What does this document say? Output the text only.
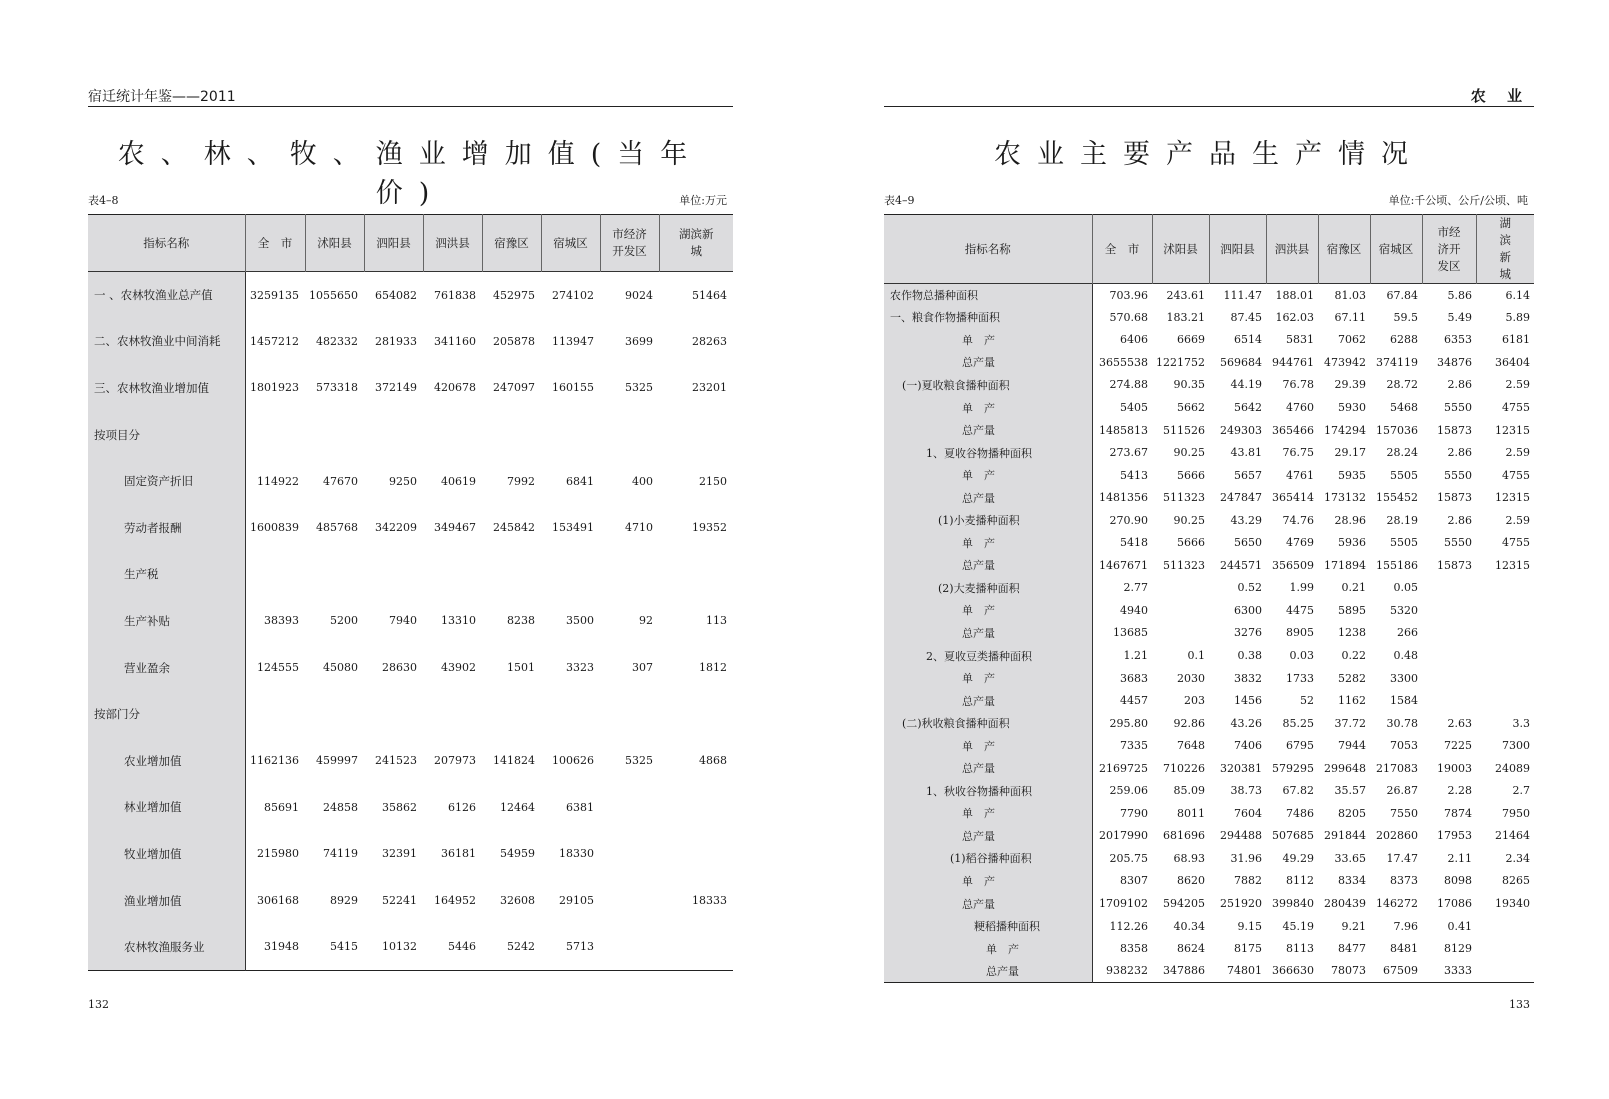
宿迁统计年鉴——2011
农、林、牧、渔业增加值(当年价)
表4–8	单位:万元
指标名称	全　市	沭阳县	泗阳县	泗洪县	宿豫区	宿城区	市经济开发区	湖滨新城
一 、农林牧渔业总产值	3259135	1055650	654082	761838	452975	274102	9024	51464
二、农林牧渔业中间消耗	1457212	482332	281933	341160	205878	113947	3699	28263
三、农林牧渔业增加值	1801923	573318	372149	420678	247097	160155	5325	23201
按项目分								
固定资产折旧	114922	47670	9250	40619	7992	6841	400	2150
劳动者报酬	1600839	485768	342209	349467	245842	153491	4710	19352
生产税								
生产补贴	38393	5200	7940	13310	8238	3500	92	113
营业盈余	124555	45080	28630	43902	1501	3323	307	1812
按部门分								
农业增加值	1162136	459997	241523	207973	141824	100626	5325	4868
林业增加值	85691	24858	35862	6126	12464	6381		
牧业增加值	215980	74119	32391	36181	54959	18330		
渔业增加值	306168	8929	52241	164952	32608	29105		18333
农林牧渔服务业	31948	5415	10132	5446	5242	5713		
132
农 业
农业主要产品生产情况
表4–9	单位:千公顷、公斤/公顷、吨
指标名称	全　市	沭阳县	泗阳县	泗洪县	宿豫区	宿城区	市经济开发区	湖滨新城
农作物总播种面积	703.96	243.61	111.47	188.01	81.03	67.84	5.86	6.14
一、粮食作物播种面积	570.68	183.21	87.45	162.03	67.11	59.5	5.49	5.89
单　产	6406	6669	6514	5831	7062	6288	6353	6181
总产量	3655538	1221752	569684	944761	473942	374119	34876	36404
(一)夏收粮食播种面积	274.88	90.35	44.19	76.78	29.39	28.72	2.86	2.59
单　产	5405	5662	5642	4760	5930	5468	5550	4755
总产量	1485813	511526	249303	365466	174294	157036	15873	12315
1、夏收谷物播种面积	273.67	90.25	43.81	76.75	29.17	28.24	2.86	2.59
单　产	5413	5666	5657	4761	5935	5505	5550	4755
总产量	1481356	511323	247847	365414	173132	155452	15873	12315
(1)小麦播种面积	270.90	90.25	43.29	74.76	28.96	28.19	2.86	2.59
单　产	5418	5666	5650	4769	5936	5505	5550	4755
总产量	1467671	511323	244571	356509	171894	155186	15873	12315
(2)大麦播种面积	2.77		0.52	1.99	0.21	0.05		
单　产	4940		6300	4475	5895	5320		
总产量	13685		3276	8905	1238	266		
2、夏收豆类播种面积	1.21	0.1	0.38	0.03	0.22	0.48		
单　产	3683	2030	3832	1733	5282	3300		
总产量	4457	203	1456	52	1162	1584		
(二)秋收粮食播种面积	295.80	92.86	43.26	85.25	37.72	30.78	2.63	3.3
单　产	7335	7648	7406	6795	7944	7053	7225	7300
总产量	2169725	710226	320381	579295	299648	217083	19003	24089
1、秋收谷物播种面积	259.06	85.09	38.73	67.82	35.57	26.87	2.28	2.7
单　产	7790	8011	7604	7486	8205	7550	7874	7950
总产量	2017990	681696	294488	507685	291844	202860	17953	21464
(1)稻谷播种面积	205.75	68.93	31.96	49.29	33.65	17.47	2.11	2.34
单　产	8307	8620	7882	8112	8334	8373	8098	8265
总产量	1709102	594205	251920	399840	280439	146272	17086	19340
粳稻播种面积	112.26	40.34	9.15	45.19	9.21	7.96	0.41	
单　产	8358	8624	8175	8113	8477	8481	8129	
总产量	938232	347886	74801	366630	78073	67509	3333	
133
